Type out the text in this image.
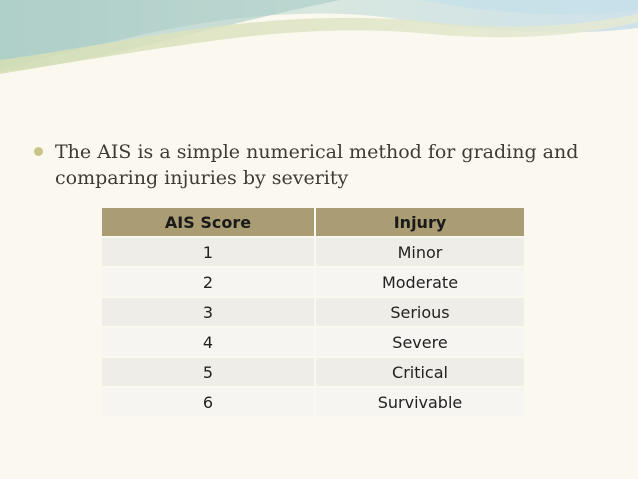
The AIS is a simple numerical method for grading and comparing injuries by severity
AIS Score	Injury
1	Minor
2	Moderate
3	Serious
4	Severe
5	Critical
6	Survivable
